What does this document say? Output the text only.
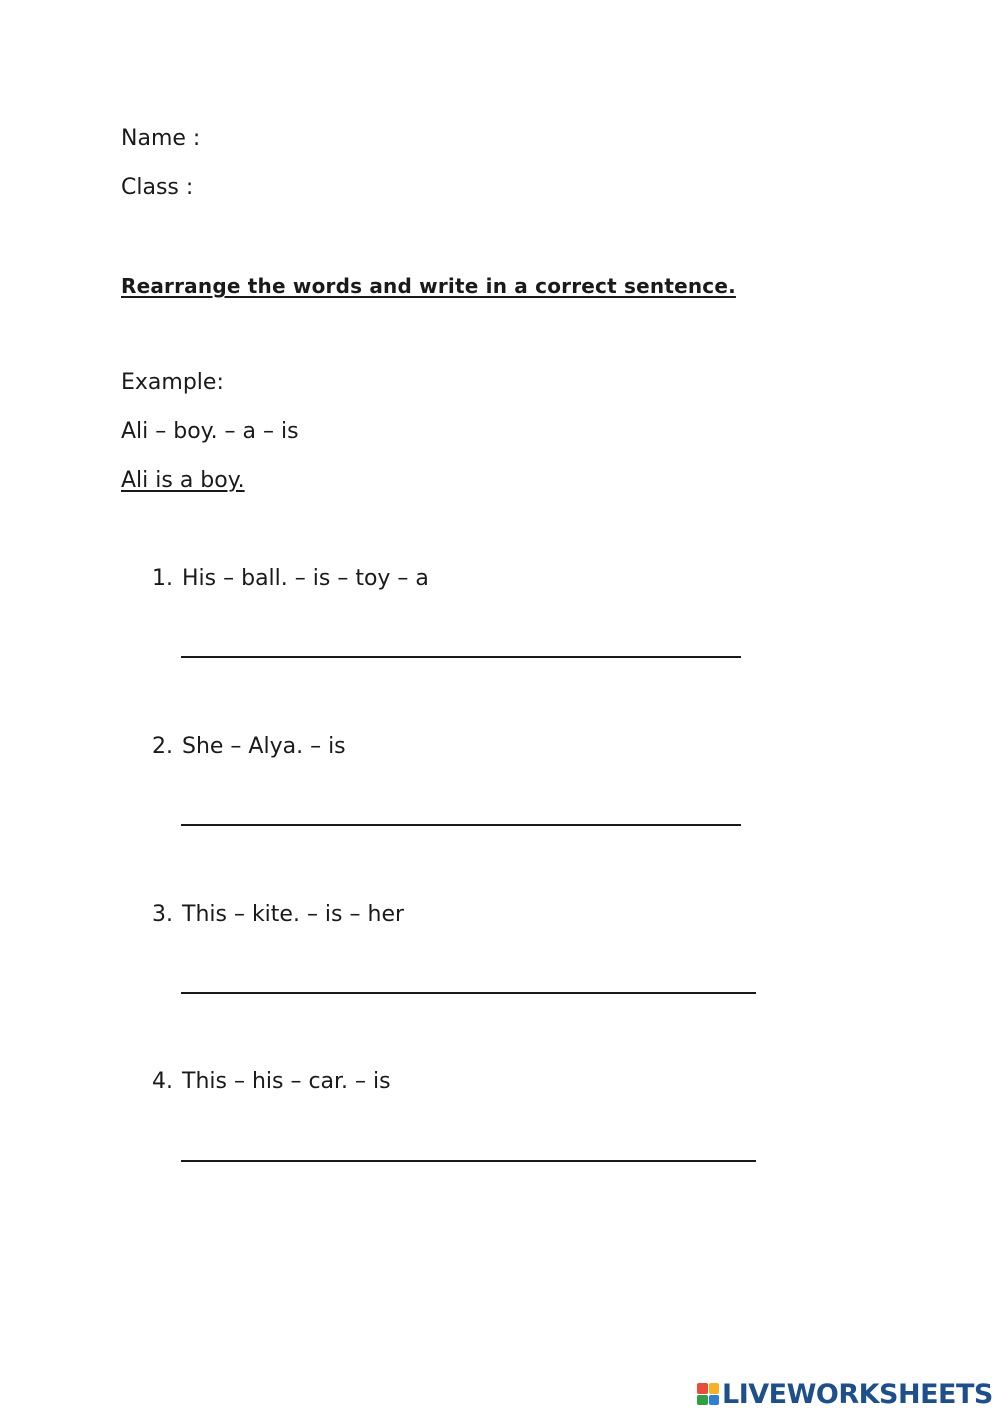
Name :
Class :
Rearrange the words and write in a correct sentence.
Example:
Ali – boy. – a – is
Ali is a boy.
1. His – ball. – is – toy – a
2. She – Alya. – is
3. This – kite. – is – her
4. This – his – car. – is
LIVEWORKSHEETS
